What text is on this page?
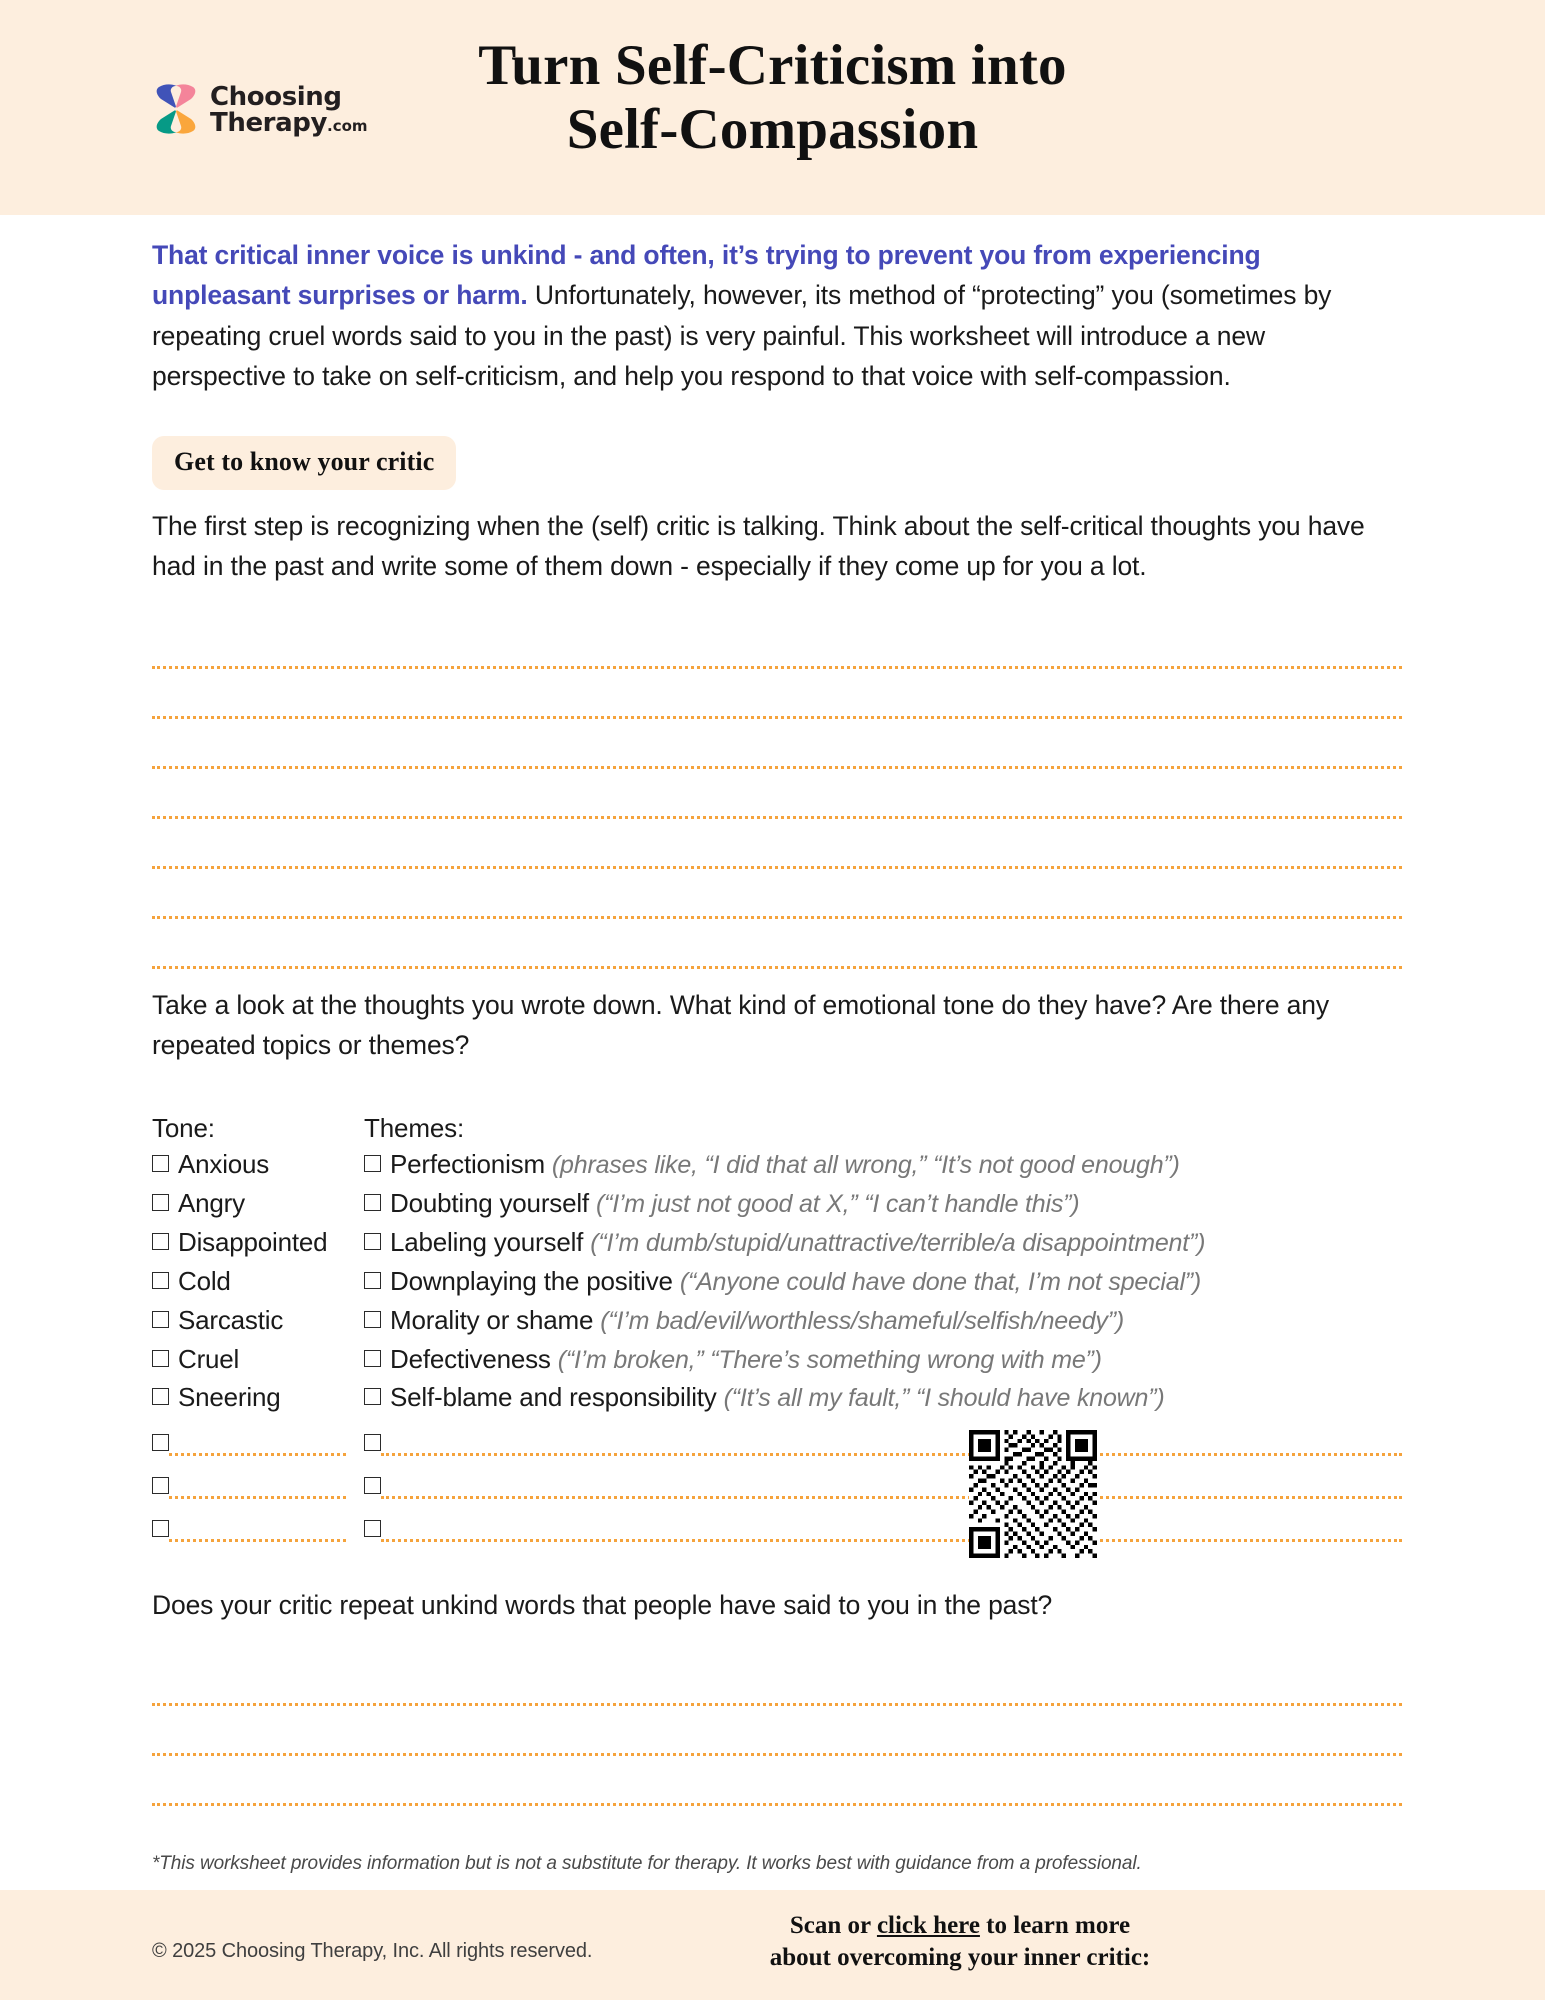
Choosing
Therapy.com
Turn Self-Criticism into
Self-Compassion

That critical inner voice is unkind - and often, it’s trying to prevent you from experiencing unpleasant surprises or harm. Unfortunately, however, its method of “protecting” you (sometimes by repeating cruel words said to you in the past) is very painful. This worksheet will introduce a new perspective to take on self-criticism, and help you respond to that voice with self-compassion.

Get to know your critic

The first step is recognizing when the (self) critic is talking. Think about the self-critical thoughts you have had in the past and write some of them down - especially if they come up for you a lot.

Take a look at the thoughts you wrote down. What kind of emotional tone do they have? Are there any repeated topics or themes?

Tone:
Anxious
Angry
Disappointed
Cold
Sarcastic
Cruel
Sneering
Themes:
Perfectionism (phrases like, “I did that all wrong,” “It’s not good enough”)
Doubting yourself (“I’m just not good at X,” “I can’t handle this”)
Labeling yourself (“I’m dumb/stupid/unattractive/terrible/a disappointment”)
Downplaying the positive (“Anyone could have done that, I’m not special”)
Morality or shame (“I’m bad/evil/worthless/shameful/selfish/needy”)
Defectiveness (“I’m broken,” “There’s something wrong with me”)
Self-blame and responsibility (“It’s all my fault,” “I should have known”)

Does your critic repeat unkind words that people have said to you in the past?

*This worksheet provides information but is not a substitute for therapy. It works best with guidance from a professional.
© 2025 Choosing Therapy, Inc. All rights reserved.
Scan or click here to learn more
about overcoming your inner critic:
